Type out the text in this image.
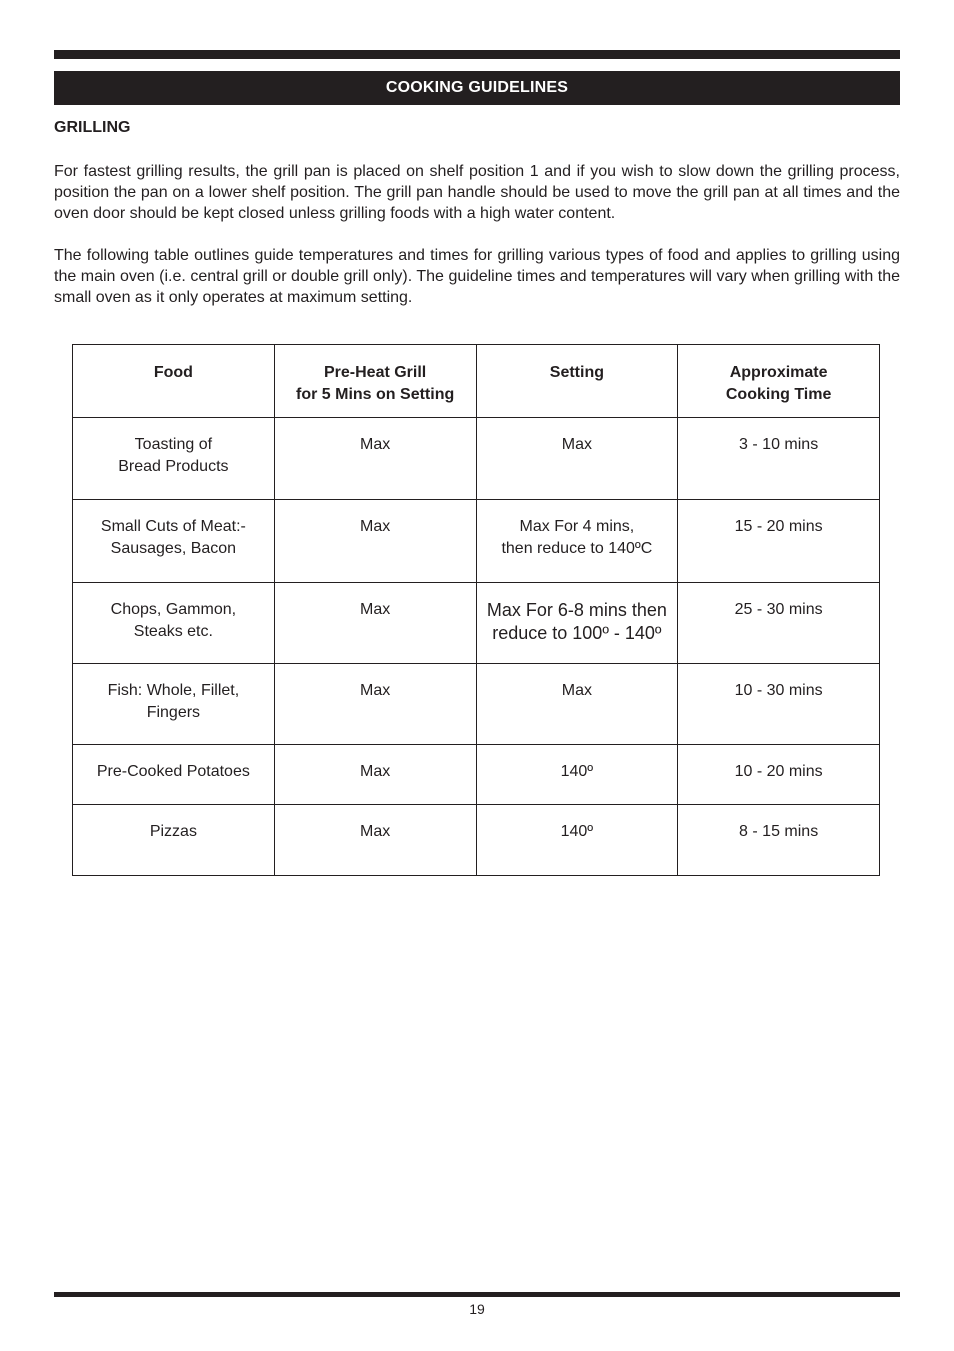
COOKING GUIDELINES
GRILLING

For fastest grilling results, the grill pan is placed on shelf position 1 and if you wish to slow down the grilling process, position the pan on a lower shelf position. The grill pan handle should be used to move the grill pan at all times and the oven door should be kept closed unless grilling foods with a high water content.

The following table outlines guide temperatures and times for grilling various types of food and applies to grilling using the main oven (i.e. central grill or double grill only). The guideline times and temperatures will vary when grilling with the small oven as it only operates at maximum setting.

Food	Pre-Heat Grill
for 5 Mins on Setting	Setting	Approximate
Cooking Time
Toasting of
Bread Products	Max	Max	3 - 10 mins
Small Cuts of Meat:-
Sausages, Bacon	Max	Max For 4 mins,
then reduce to 140ºC	15 - 20 mins
Chops, Gammon,
Steaks etc.	Max	Max For 6-8 mins then
reduce to 100º - 140º	25 - 30 mins
Fish: Whole, Fillet,
Fingers	Max	Max	10 - 30 mins
Pre-Cooked Potatoes	Max	140º	10 - 20 mins
Pizzas	Max	140º	8 - 15 mins
19
